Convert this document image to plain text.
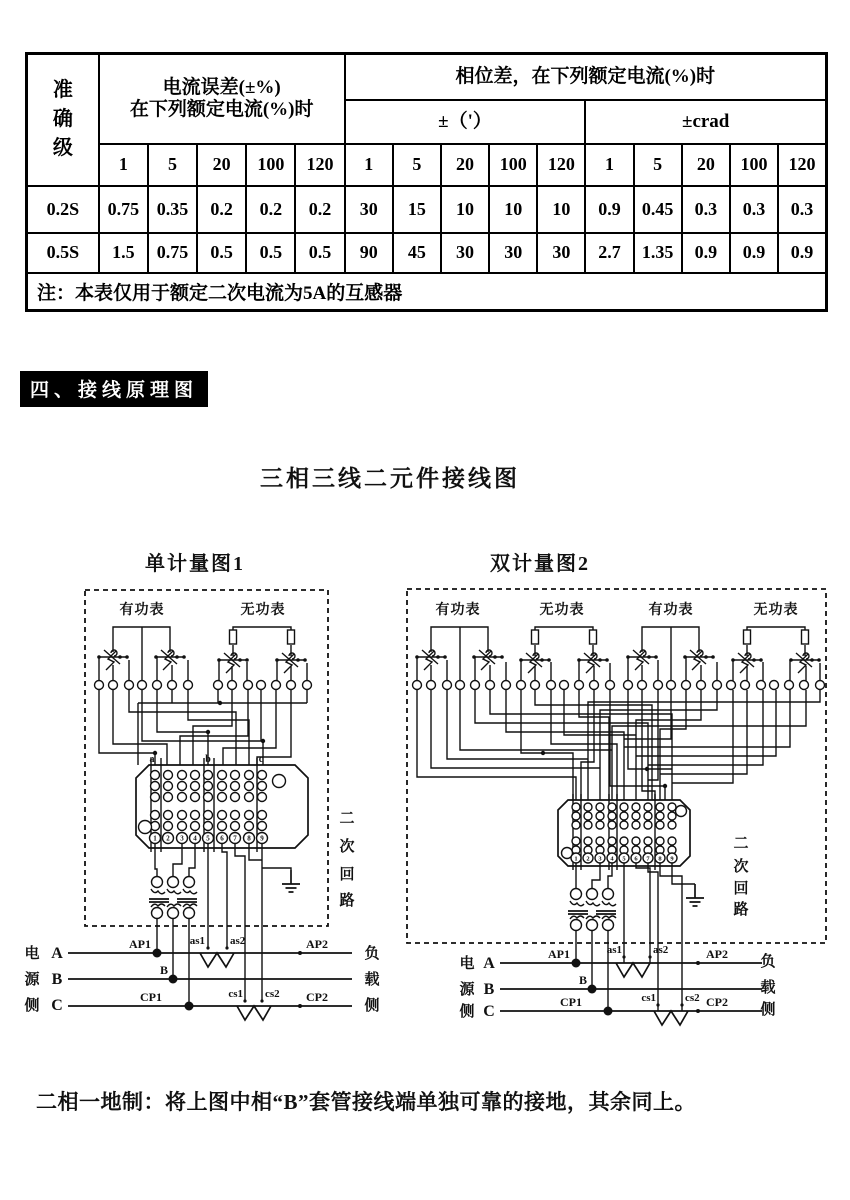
准确级	电流误差(±%)
在下列额定电流(%)时					相位差，在下列额定电流(%)时									
						±（'）					±crad				
	1	5	20	100	120	1	5	20	100	120	1	5	20	100	120
0.2S	0.75	0.35	0.2	0.2	0.2	30	15	10	10	10	0.9	0.45	0.3	0.3	0.3
0.5S	1.5	0.75	0.5	0.5	0.5	90	45	30	30	30	2.7	1.35	0.9	0.9	0.9
注：本表仅用于额定二次电流为5A的互感器															
四、接线原理图
三相三线二元件接线图
单计量图1
有功表	无功表
a	b	c
1 2 3 4 5 6 7 8 9
二
次
回
路
AP1	as1 as2	AP2
B
CP1	cs1 cs2 CP2
电
源
侧
A
B
C
负
载
侧
双计量图2
有功表	无功表	有功表	无功表
1 2 3 4 5 6 7 8 9
二
次
回
路
AP1	as1	as2	AP2
B
CP1	cs1	cs2 CP2
电
源
侧
A
B
C
负
载
侧
二相一地制：将上图中相“B”套管接线端单独可靠的接地，其余同上。
